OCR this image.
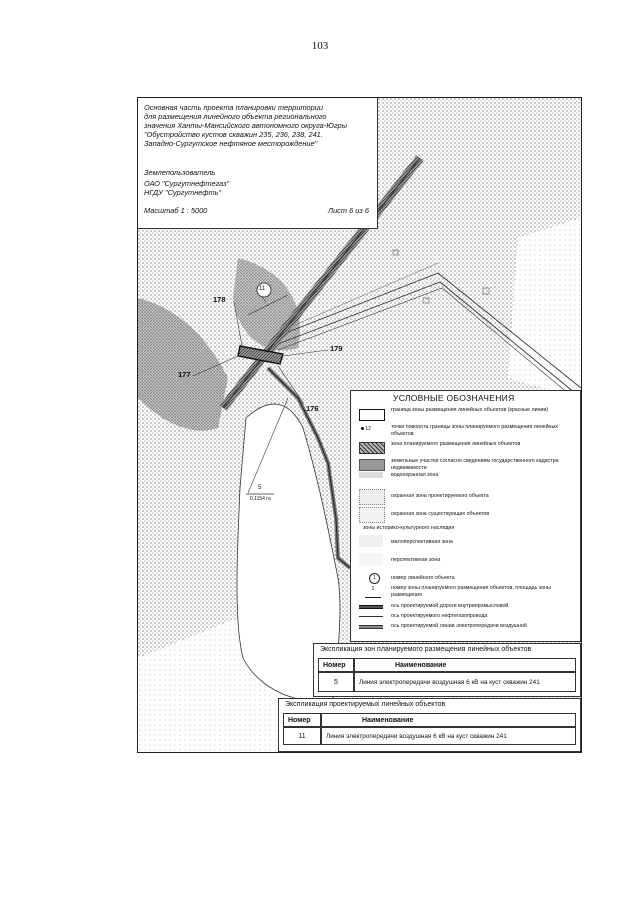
103
178
179
177
176
11
5
0,1154 га
Основная часть проекта планировки территории
для размещения линейного объекта регионального
значения Ханты-Мансийского автономного округа-Югры
"Обустройство кустов скважин 235, 236, 238, 241.
Западно-Сургутское нефтяное месторождение"
Землепользователь
ОАО "Сургутнефтегаз"
НГДУ "Сургутнефть"
Масштаб 1 : 5000	Лист 6 из 6
УСЛОВНЫЕ ОБОЗНАЧЕНИЯ
граница зоны размещения линейных объектов (красные линии)
12	точки поворота границы зоны планируемого размещения линейных объектов
зона планируемого размещения линейных объектов
земельные участки согласно сведениям государственного кадастра недвижимости
водоохранная зона
охранная зона проектируемого объекта
охранная зона существующих объектов
зоны историко-культурного наследия
малоперспективная зона
перспективная зона
1	номер линейного объекта
1	номер зоны планируемого размещения объектов, площадь зоны размещения
ось проектируемой дороги внутрипромысловой
ось проектируемого нефтегазопровода
ось проектируемой линии электропередачи воздушной
Экспликация зон планируемого размещения линейных объектов
Номер	Наименование
5	Линия электропередачи воздушная 6 кВ на куст скважин 241
Экспликация проектируемых линейных объектов
Номер	Наименование
11	Линия электропередачи воздушная 6 кВ на куст скважин 241
